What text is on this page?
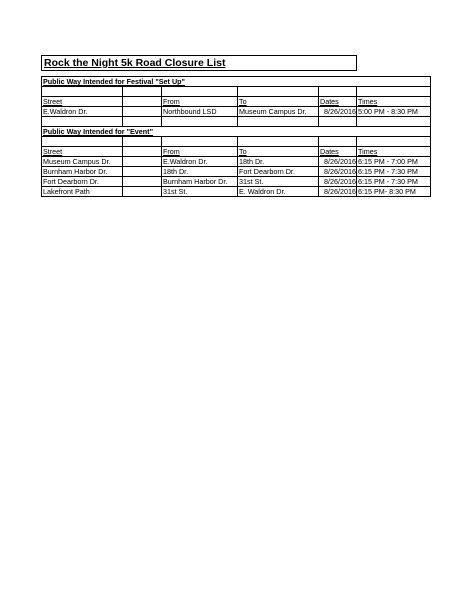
Rock the Night 5k Road Closure List
Public Way Intended for Festival "Set Up"					

Street		From	To	Dates	Times
E.Waldron Dr.		Northbound LSD	Museum Campus Dr.	8/26/2016	5:00 PM - 8:30 PM

Public Way Intended for "Event"					

Street		From	To	Dates	Times
Museum Campus Dr.		E.Waldron Dr.	18th Dr.	8/26/2016	6:15 PM - 7:00 PM
Burnham Harbor Dr.		18th Dr.	Fort Dearborn Dr.	8/26/2016	6:15 PM - 7:30 PM
Fort Dearborn Dr.		Burnham Harbor Dr.	31st St.	8/26/2016	6:15 PM - 7:30 PM
Lakefront Path		31st St.	E. Waldron Dr.	8/26/2016	6:15 PM- 8:30 PM
